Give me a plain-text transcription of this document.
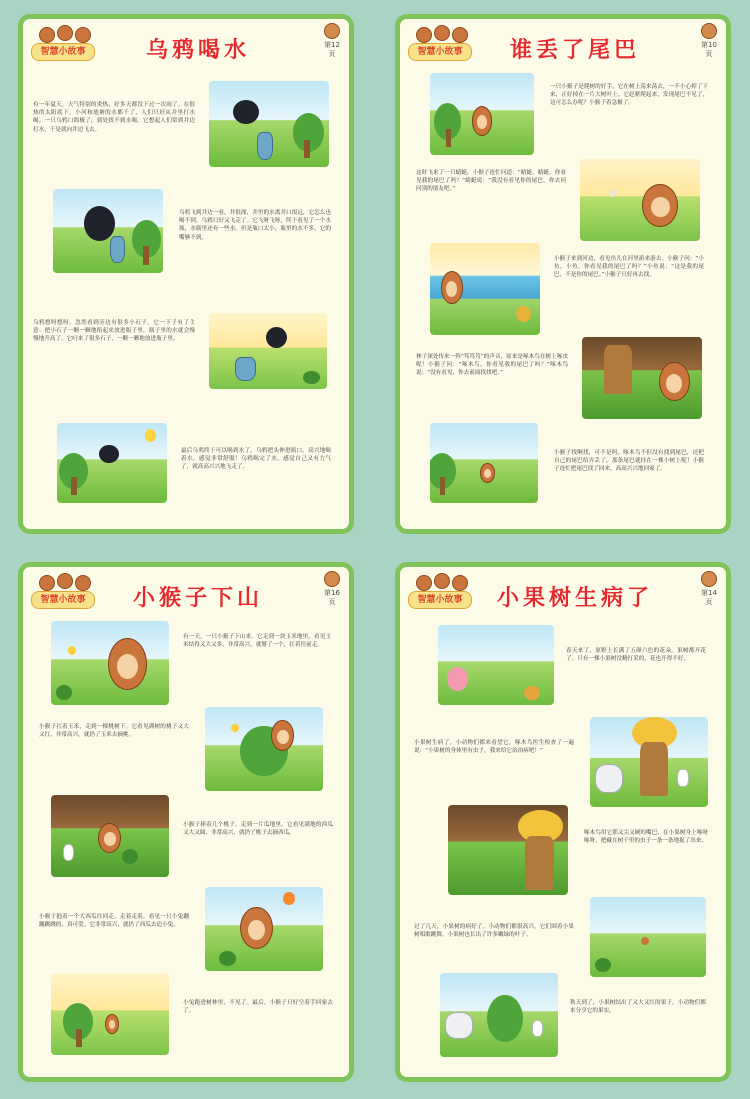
智慧小故事	乌鸦喝水	第12页
有一年夏天，天气特别的炎热，好多天都没下过一次雨了。在很热的太阳底下，小河和池塘的水都干了，人们只好从井里打水喝。一只乌鸦口渴极了，到处找不到水喝。它想起人们常到井边打水，于是就向井边飞去。
乌鸦飞到井边一看，井很深，井里的水离井口很远，它怎么也喝不到。乌鸦只好又飞走了。它飞呀飞呀，终于看见了一个水瓶，水瓶里还有一些水。但是瓶口太小，瓶里的水不多，它的嘴够不到。
乌鸦想呀想呀，忽然看到旁边有很多小石子。它一下子有了主意：把小石子一颗一颗地衔起来放进瓶子里，瓶子里的水就会慢慢地升高了。它叼来了很多石子，一颗一颗地放进瓶子里。
最后乌鸦终于可以喝到水了。乌鸦把头伸进瓶口，高兴地喝着水，感觉非常舒服！乌鸦喝完了水，感觉自己又有力气了，就高高兴兴地飞走了。
智慧小故事	谁丢了尾巴	第10页
一只小猴子是爬树的好手，它在树上荡来荡去，一不小心掉了下来，正好掉在一片大树叶上。它赶紧爬起来，发现尾巴不见了，这可怎么办呢？小猴子着急极了。
这时飞来了一只蜻蜓，小猴子连忙问道：“蜻蜓，蜻蜓，你看见我的尾巴了吗？”蜻蜓说：“我没有看见你的尾巴，你去问问别的朋友吧。”
小猴子来到河边，看见鱼儿在河里游来游去。小猴子问：“小鱼，小鱼，你看见我的尾巴了吗？”小鱼说：“这是我的尾巴，不是你的尾巴。”小猴子只好再去找。
林子深处传来一阵“笃笃笃”的声音，原来是啄木鸟在树上啄虫呢！小猴子问：“啄木鸟，你看见我的尾巴了吗？”啄木鸟说：“没有看见，你去前面找找吧。”
小猴子找啊找，可不是吗，啄木鸟不但没有找到尾巴，还把自己的尾巴给弄丢了，那条尾巴就挂在一棵小树上呢！小猴子连忙把尾巴找了回来，高高兴兴地回家了。
智慧小故事	小猴子下山	第16页
有一天，一只小猴子下山来。它走到一块玉米地里，看见玉米结得又大又多，非常高兴，就掰了一个，扛着往前走。
小猴子扛着玉米，走到一棵桃树下。它看见满树的桃子又大又红，非常高兴，就扔了玉米去摘桃。
小猴子捧着几个桃子，走到一片瓜地里。它看见满地的西瓜又大又圆，非常高兴，就扔了桃子去摘西瓜。
小猴子抱着一个大西瓜往回走。走着走着，看见一只小兔蹦蹦跳跳的，真可爱。它非常高兴，就扔了西瓜去追小兔。
小兔跑进树林里，不见了。最后，小猴子只好空着手回家去了。
智慧小故事	小果树生病了	第14页
春天来了，原野上长满了五颜六色的花朵，果树都开花了。只有一棵小果树没精打采的，花也开得不好。
小果树生病了。小动物们都来看望它，啄木鸟医生检查了一遍说：“小果树的身体里有虫子，我来给它治治病吧！”
啄木鸟用它那又尖又硬的嘴巴，在小果树身上啄呀啄呀，把藏在树干里的虫子一条一条地捉了出来。
过了几天，小果树的病好了。小动物们都很高兴，它们围着小果树唱歌跳舞，小果树也长出了许多嫩绿的叶子。
秋天到了，小果树结出了又大又红的果子，小动物们都来分享它的果实。
